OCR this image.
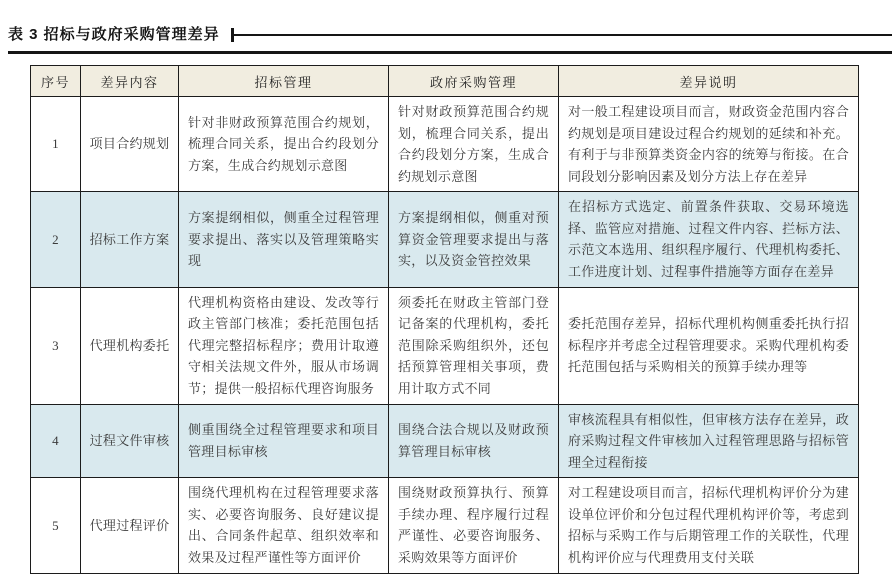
表 3 招标与政府采购管理差异
序号	差异内容	招标管理	政府采购管理	差异说明
1	项目合约规划	针对非财政预算范围合约规划，梳理合同关系，提出合约段划分方案，生成合约规划示意图	针对财政预算范围合约规划，梳理合同关系，提出合约段划分方案，生成合约规划示意图	对一般工程建设项目而言，财政资金范围内容合约规划是项目建设过程合约规划的延续和补充。有利于与非预算类资金内容的统筹与衔接。在合同段划分影响因素及划分方法上存在差异
2	招标工作方案	方案提纲相似，侧重全过程管理要求提出、落实以及管理策略实现	方案提纲相似，侧重对预算资金管理要求提出与落实，以及资金管控效果	在招标方式选定、前置条件获取、交易环境选择、监管应对措施、过程文件内容、拦标方法、示范文本选用、组织程序履行、代理机构委托、工作进度计划、过程事件措施等方面存在差异
3	代理机构委托	代理机构资格由建设、发改等行政主管部门核准；委托范围包括代理完整招标程序；费用计取遵守相关法规文件外，服从市场调节；提供一般招标代理咨询服务	须委托在财政主管部门登记备案的代理机构，委托范围除采购组织外，还包括预算管理相关事项，费用计取方式不同	委托范围存差异，招标代理机构侧重委托执行招标程序并考虑全过程管理要求。采购代理机构委托范围包括与采购相关的预算手续办理等
4	过程文件审核	侧重围绕全过程管理要求和项目管理目标审核	围绕合法合规以及财政预算管理目标审核	审核流程具有相似性，但审核方法存在差异，政府采购过程文件审核加入过程管理思路与招标管理全过程衔接
5	代理过程评价	围绕代理机构在过程管理要求落实、必要咨询服务、良好建议提出、合同条件起草、组织效率和效果及过程严谨性等方面评价	围绕财政预算执行、预算手续办理、程序履行过程严谨性、必要咨询服务、采购效果等方面评价	对工程建设项目而言，招标代理机构评价分为建设单位评价和分包过程代理机构评价等，考虑到招标与采购工作与后期管理工作的关联性，代理机构评价应与代理费用支付关联
